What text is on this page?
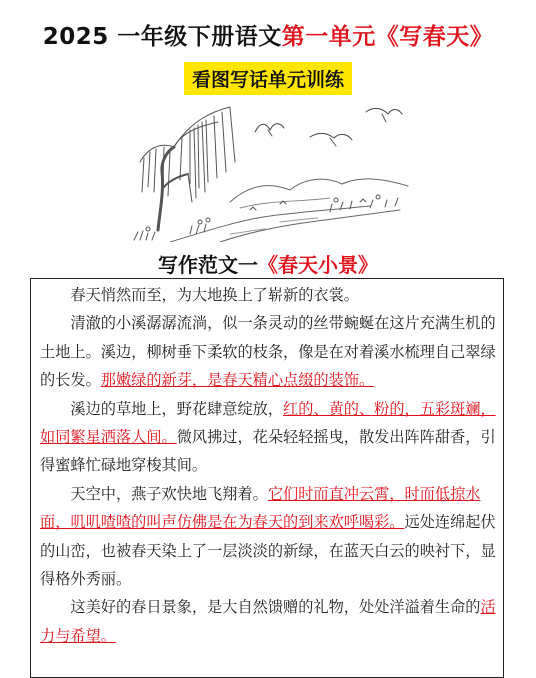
2025 一年级下册语文第一单元《写春天》
看图写话单元训练
写作范文一《春天小景》

春天悄然而至，为大地换上了崭新的衣裳。

清澈的小溪潺潺流淌，似一条灵动的丝带蜿蜒在这片充满生机的土地上。溪边，柳树垂下柔软的枝条，像是在对着溪水梳理自己翠绿的长发。那嫩绿的新芽，是春天精心点缀的装饰。

溪边的草地上，野花肆意绽放，红的、黄的、粉的，五彩斑斓，如同繁星洒落人间。微风拂过，花朵轻轻摇曳，散发出阵阵甜香，引得蜜蜂忙碌地穿梭其间。

天空中，燕子欢快地飞翔着。它们时而直冲云霄，时而低掠水面，叽叽喳喳的叫声仿佛是在为春天的到来欢呼喝彩。远处连绵起伏的山峦，也被春天染上了一层淡淡的新绿，在蓝天白云的映衬下，显得格外秀丽。

这美好的春日景象，是大自然馈赠的礼物，处处洋溢着生命的活力与希望。
